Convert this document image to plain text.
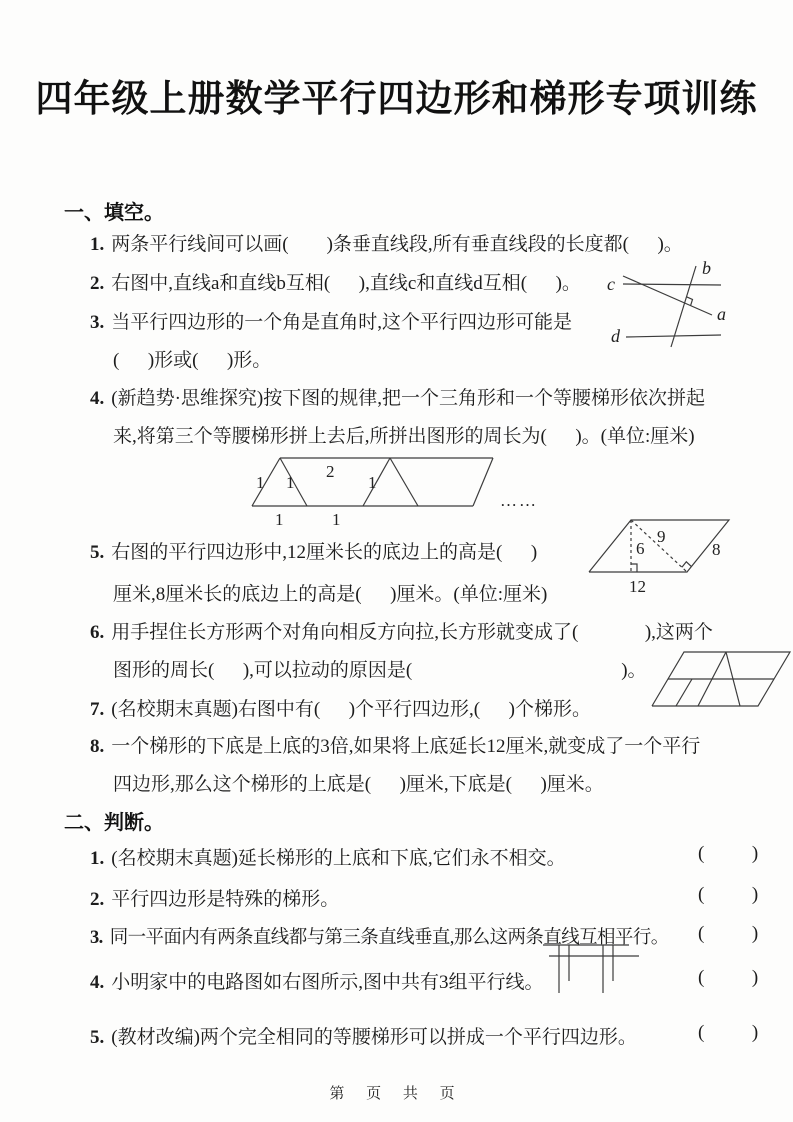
四年级上册数学平行四边形和梯形专项训练
一、填空。
1. 两条平行线间可以画(        )条垂直线段,所有垂直线段的长度都(      )。
2. 右图中,直线a和直线b互相(      ),直线c和直线d互相(      )。
3. 当平行四边形的一个角是直角时,这个平行四边形可能是
(      )形或(      )形。
4. (新趋势·思维探究)按下图的规律,把一个三角形和一个等腰梯形依次拼起
来,将第三个等腰梯形拼上去后,所拼出图形的周长为(      )。(单位:厘米)
5. 右图的平行四边形中,12厘米长的底边上的高是(      )
厘米,8厘米长的底边上的高是(      )厘米。(单位:厘米)
6. 用手捏住长方形两个对角向相反方向拉,长方形就变成了(              ),这两个
图形的周长(      ),可以拉动的原因是(                                            )。
7. (名校期末真题)右图中有(      )个平行四边形,(      )个梯形。
8. 一个梯形的下底是上底的3倍,如果将上底延长12厘米,就变成了一个平行
四边形,那么这个梯形的上底是(      )厘米,下底是(      )厘米。
二、判断。
1. (名校期末真题)延长梯形的上底和下底,它们永不相交。	(          )
2. 平行四边形是特殊的梯形。	(          )
3. 同一平面内有两条直线都与第三条直线垂直,那么这两条直线互相平行。 (          )
4. 小明家中的电路图如右图所示,图中共有3组平行线。	(          )
5. (教材改编)两个完全相同的等腰梯形可以拼成一个平行四边形。	(          )
c
d
b
a
1 1
2
1
1	1
……
6
9
8
12
第 页 共 页
